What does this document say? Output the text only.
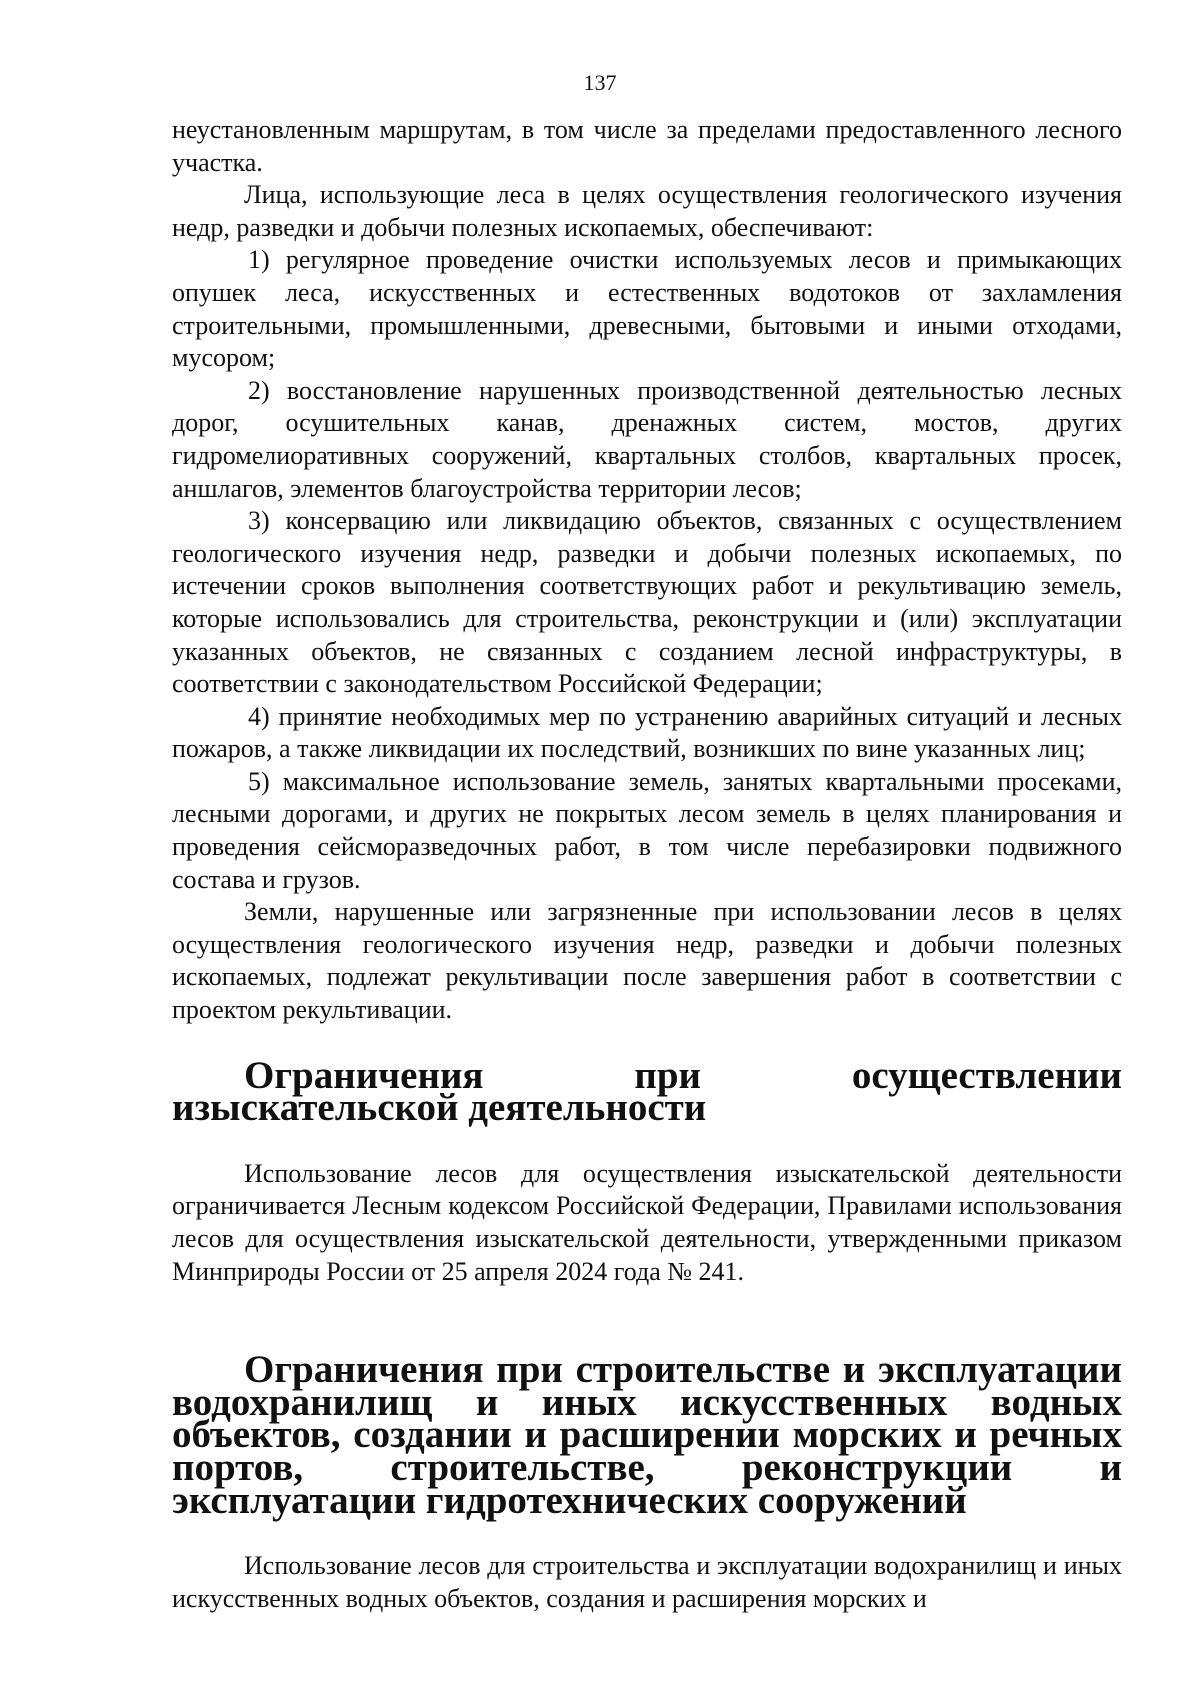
137

неустановленным маршрутам, в том числе за пределами предоставленного лесного участка.

Лица, использующие леса в целях осуществления геологического изучения недр, разведки и добычи полезных ископаемых, обеспечивают:

1) регулярное проведение очистки используемых лесов и примыкающих опушек леса, искусственных и естественных водотоков от захламления строительными, промышленными, древесными, бытовыми и иными отходами, мусором;

2) восстановление нарушенных производственной деятельностью лесных дорог, осушительных канав, дренажных систем, мостов, других гидромелиоративных сооружений, квартальных столбов, квартальных просек, аншлагов, элементов благоустройства территории лесов;

3) консервацию или ликвидацию объектов, связанных с осуществлением геологического изучения недр, разведки и добычи полезных ископаемых, по истечении сроков выполнения соответствующих работ и рекультивацию земель, которые использовались для строительства, реконструкции и (или) эксплуатации указанных объектов, не связанных с созданием лесной инфраструктуры, в соответствии с законодательством Российской Федерации;

4) принятие необходимых мер по устранению аварийных ситуаций и лесных пожаров, а также ликвидации их последствий, возникших по вине указанных лиц;

5) максимальное использование земель, занятых квартальными просеками, лесными дорогами, и других не покрытых лесом земель в целях планирования и проведения сейсморазведочных работ, в том числе перебазировки подвижного состава и грузов.

Земли, нарушенные или загрязненные при использовании лесов в целях осуществления геологического изучения недр, разведки и добычи полезных ископаемых, подлежат рекультивации после завершения работ в соответствии с проектом рекультивации.

Ограничения при осуществлении изыскательской деятельности

Использование лесов для осуществления изыскательской деятельности ограничивается Лесным кодексом Российской Федерации, Правилами использования лесов для осуществления изыскательской деятельности, утвержденными приказом Минприроды России от 25 апреля 2024 года № 241.

Ограничения при строительстве и эксплуатации водохранилищ и иных искусственных водных объектов, создании и расширении морских и речных портов, строительстве, реконструкции и эксплуатации гидротехнических сооружений

Использование лесов для строительства и эксплуатации водохранилищ и иных искусственных водных объектов, создания и расширения морских и
